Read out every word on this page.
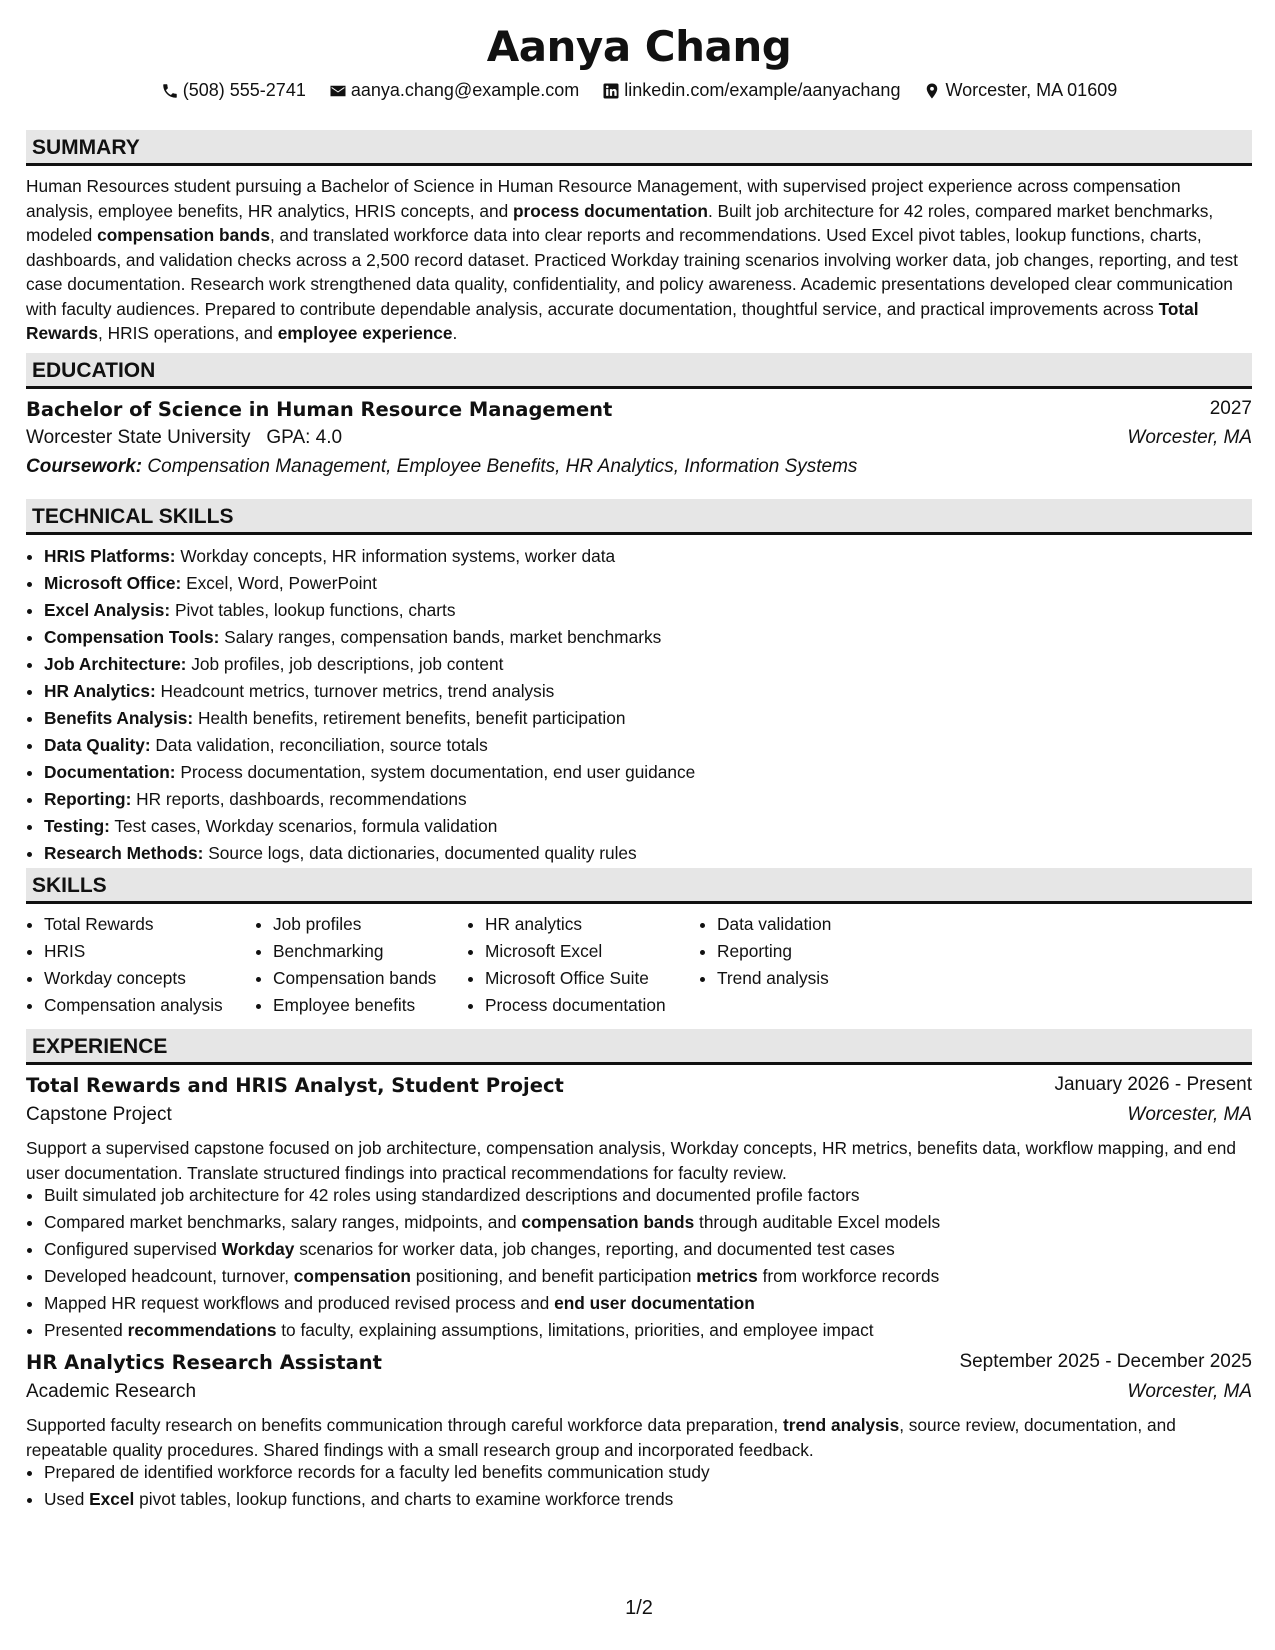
Aanya Chang
(508) 555-2741
	aanya.chang@example.com
	linkedin.com/example/aanyachang
	Worcester, MA 01609
SUMMARY

Human Resources student pursuing a Bachelor of Science in Human Resource Management, with supervised project experience across compensation analysis, employee benefits, HR analytics, HRIS concepts, and process documentation. Built job architecture for 42 roles, compared market benchmarks, modeled compensation bands, and translated workforce data into clear reports and recommendations. Used Excel pivot tables, lookup functions, charts, dashboards, and validation checks across a 2,500 record dataset. Practiced Workday training scenarios involving worker data, job changes, reporting, and test case documentation. Research work strengthened data quality, confidentiality, and policy awareness. Academic presentations developed clear communication with faculty audiences. Prepared to contribute dependable analysis, accurate documentation, thoughtful service, and practical improvements across Total Rewards, HRIS operations, and employee experience.

EDUCATION
Bachelor of Science in Human Resource Management	2027
Worcester State University GPA: 4.0	Worcester, MA
Coursework: Compensation Management, Employee Benefits, HR Analytics, Information Systems
TECHNICAL SKILLS
• HRIS Platforms: Workday concepts, HR information systems, worker data
• Microsoft Office: Excel, Word, PowerPoint
• Excel Analysis: Pivot tables, lookup functions, charts
• Compensation Tools: Salary ranges, compensation bands, market benchmarks
• Job Architecture: Job profiles, job descriptions, job content
• HR Analytics: Headcount metrics, turnover metrics, trend analysis
• Benefits Analysis: Health benefits, retirement benefits, benefit participation
• Data Quality: Data validation, reconciliation, source totals
• Documentation: Process documentation, system documentation, end user guidance
• Reporting: HR reports, dashboards, recommendations
• Testing: Test cases, Workday scenarios, formula validation
• Research Methods: Source logs, data dictionaries, documented quality rules
SKILLS
• Total Rewards
• HRIS
• Workday concepts
• Compensation analysis
• Job profiles
• Benchmarking
• Compensation bands
• Employee benefits
• HR analytics
• Microsoft Excel
• Microsoft Office Suite
• Process documentation
• Data validation
• Reporting
• Trend analysis
EXPERIENCE
Total Rewards and HRIS Analyst, Student Project	January 2026 - Present
Capstone Project	Worcester, MA

Support a supervised capstone focused on job architecture, compensation analysis, Workday concepts, HR metrics, benefits data, workflow mapping, and end user documentation. Translate structured findings into practical recommendations for faculty review.

• Built simulated job architecture for 42 roles using standardized descriptions and documented profile factors
• Compared market benchmarks, salary ranges, midpoints, and compensation bands through auditable Excel models
• Configured supervised Workday scenarios for worker data, job changes, reporting, and documented test cases
• Developed headcount, turnover, compensation positioning, and benefit participation metrics from workforce records
• Mapped HR request workflows and produced revised process and end user documentation
• Presented recommendations to faculty, explaining assumptions, limitations, priorities, and employee impact
HR Analytics Research Assistant	September 2025 - December 2025
Academic Research	Worcester, MA

Supported faculty research on benefits communication through careful workforce data preparation, trend analysis, source review, documentation, and repeatable quality procedures. Shared findings with a small research group and incorporated feedback.

• Prepared de identified workforce records for a faculty led benefits communication study
• Used Excel pivot tables, lookup functions, and charts to examine workforce trends
1/2
